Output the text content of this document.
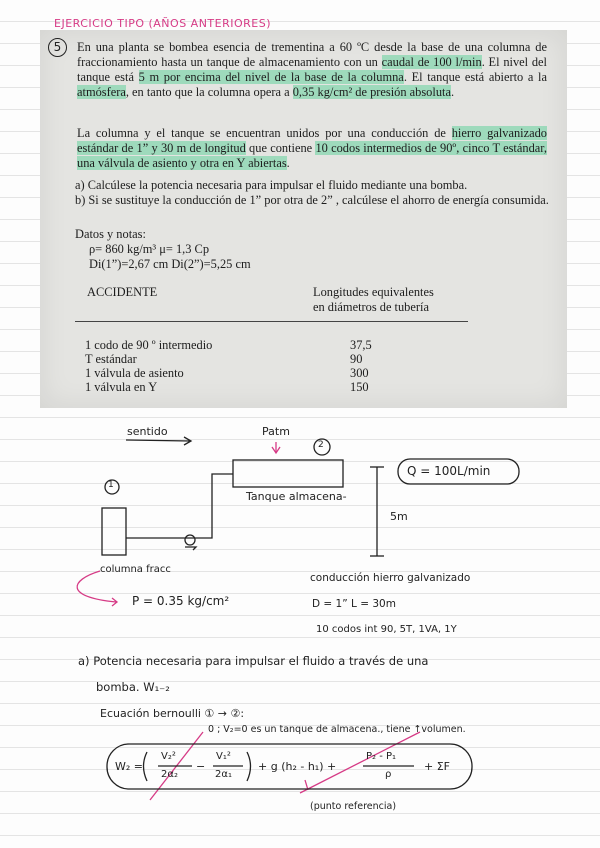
EJERCICIO TIPO (AÑOS ANTERIORES)
5	En una planta se bombea esencia de trementina a 60 ºC desde la base de una columna de fraccionamiento hasta un tanque de almacenamiento con un caudal de 100 l/min. El nivel del tanque está 5 m por encima del nivel de la base de la columna. El tanque está abierto a la atmósfera, en tanto que la columna opera a 0,35 kg/cm² de presión absoluta.
La columna y el tanque se encuentran unidos por una conducción de hierro galvanizado estándar de 1” y 30 m de longitud que contiene 10 codos intermedios de 90º, cinco T estándar, una válvula de asiento y otra en Y abiertas.
a) Calcúlese la potencia necesaria para impulsar el fluido mediante una bomba.
b) Si se sustituye la conducción de 1” por otra de 2” , calcúlese el ahorro de energía consumida.
Datos y notas:
ρ= 860 kg/m³ μ= 1,3 Cp
Di(1”)=2,67 cm Di(2”)=5,25 cm
ACCIDENTE	Longitudes equivalentes
en diámetros de tubería
1 codo de 90 º intermedio	37,5
T estándar	90
1 válvula de asiento	300
1 válvula en Y	150
sentido	Patm
2
1
Tanque almacena-
columna fracc
Q = 100L/min
5m
P = 0.35 kg/cm²
conducción hierro galvanizado
D = 1” L = 30m
10 codos int 90, 5T, 1VA, 1Y
a) Potencia necesaria para impulsar el fluido a través de una
bomba. W₁₋₂
Ecuación bernoulli ① → ②:
0 ; V₂=0 es un tanque de almacena., tiene ↑volumen.
W₂ =
V₂²
2α₂
−
V₁²
2α₁
+ g (h₂ - h₁) +
P₂ - P₁
ρ
+ ΣF
(punto referencia)
